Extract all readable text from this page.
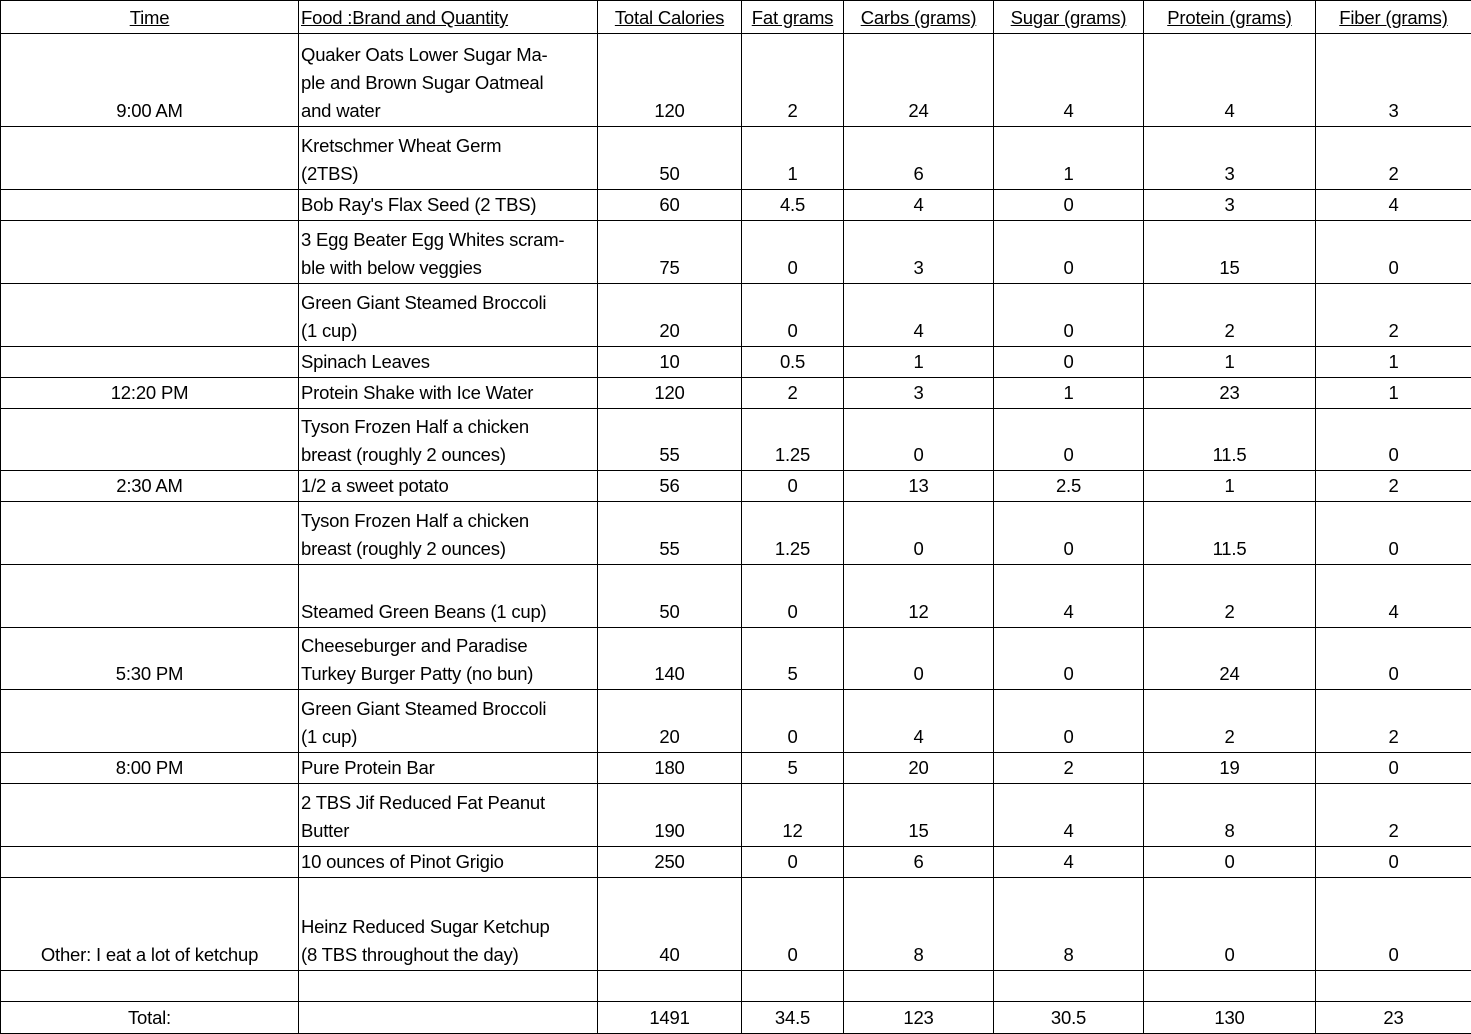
Time	Food :Brand and Quantity	Total Calories	Fat grams	Carbs (grams)	Sugar (grams)	Protein (grams)	Fiber (grams)
9:00 AM	Quaker Oats Lower Sugar Ma-
ple and Brown Sugar Oatmeal
and water	120	2	24	4	4	3
	Kretschmer Wheat Germ
(2TBS)	50	1	6	1	3	2
	Bob Ray's Flax Seed (2 TBS)	60	4.5	4	0	3	4
	3 Egg Beater Egg Whites scram-
ble with below veggies	75	0	3	0	15	0
	Green Giant Steamed Broccoli
(1 cup)	20	0	4	0	2	2
	Spinach Leaves	10	0.5	1	0	1	1
12:20 PM	Protein Shake with Ice Water	120	2	3	1	23	1
	Tyson Frozen Half a chicken
breast (roughly 2 ounces)	55	1.25	0	0	11.5	0
2:30 AM	1/2 a sweet potato	56	0	13	2.5	1	2
	Tyson Frozen Half a chicken
breast (roughly 2 ounces)	55	1.25	0	0	11.5	0
	Steamed Green Beans (1 cup)	50	0	12	4	2	4
5:30 PM	Cheeseburger and Paradise
Turkey Burger Patty (no bun)	140	5	0	0	24	0
	Green Giant Steamed Broccoli
(1 cup)	20	0	4	0	2	2
8:00 PM	Pure Protein Bar	180	5	20	2	19	0
	2 TBS Jif Reduced Fat Peanut
Butter	190	12	15	4	8	2
	10 ounces of Pinot Grigio	250	0	6	4	0	0
Other: I eat a lot of ketchup	Heinz Reduced Sugar Ketchup
(8 TBS throughout the day)	40	0	8	8	0	0

Total:		1491	34.5	123	30.5	130	23
